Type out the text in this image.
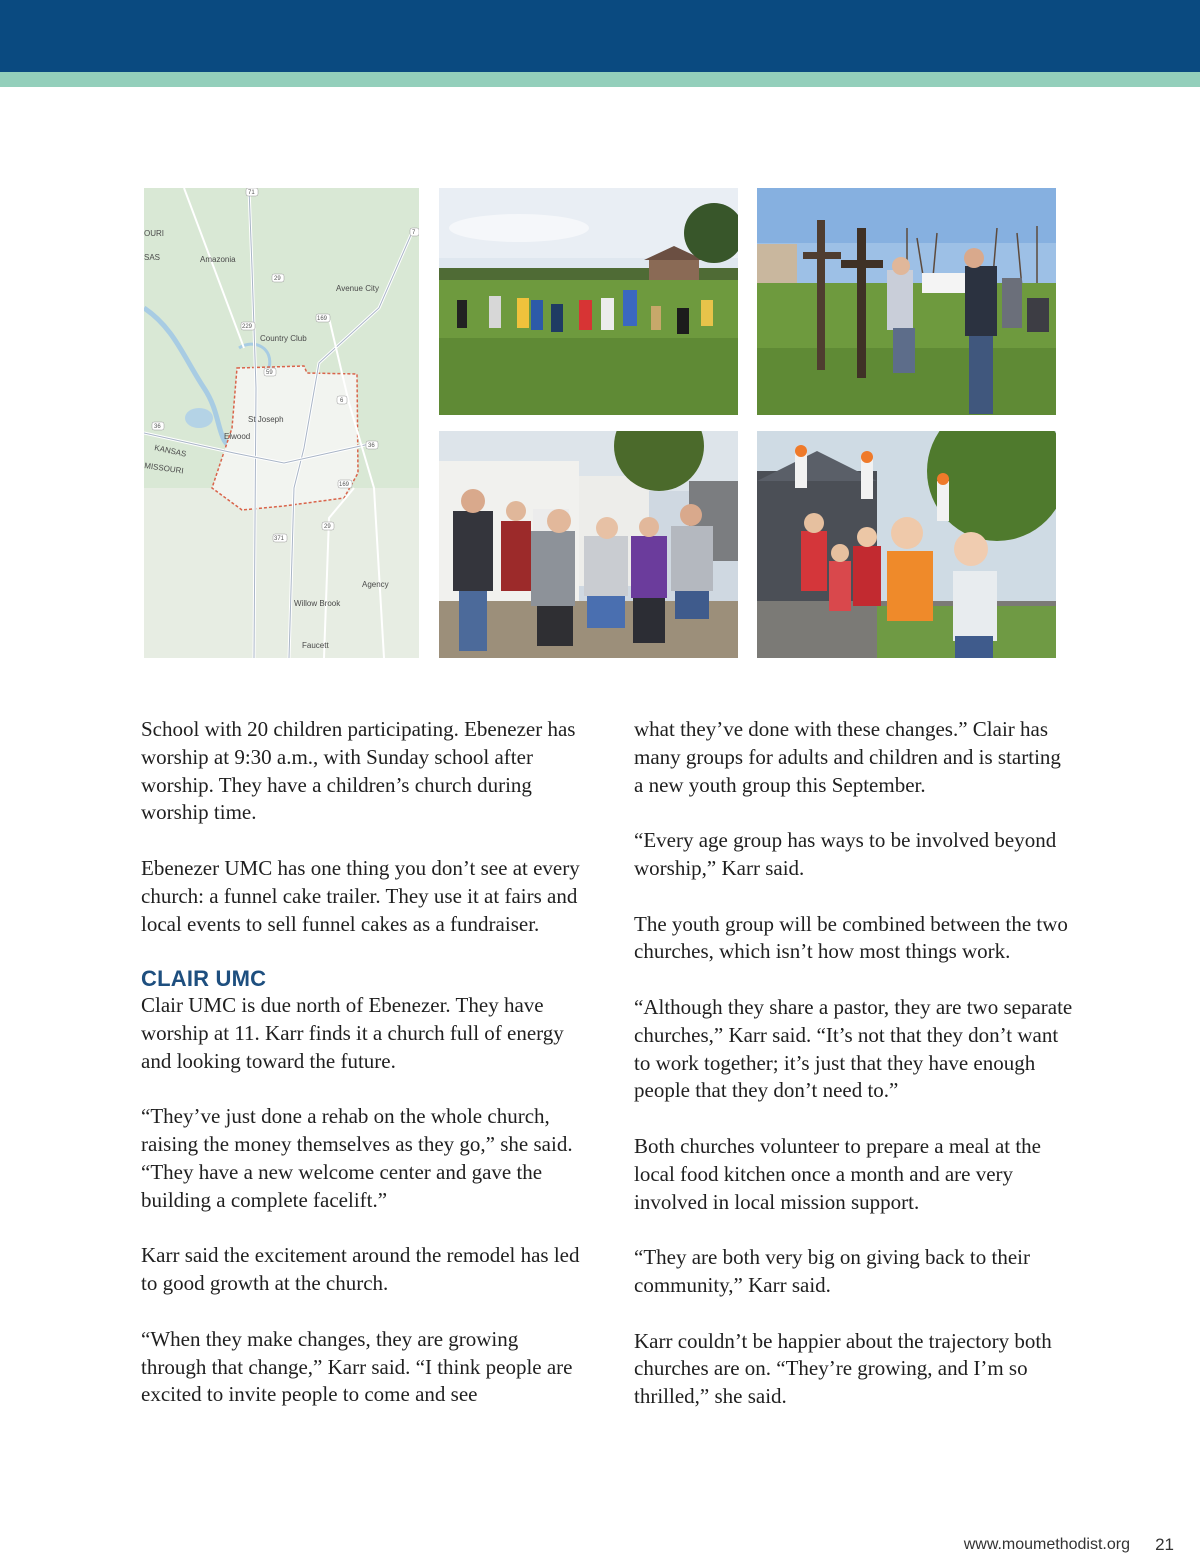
OURI
SAS	Amazonia
Avenue City
Country Club
St Joseph
Elwood
Agency
Willow Brook
Faucett
KANSAS
MISSOURI
71
29
169
229
59
6
36
36
371
169
29
7

School with 20 children participating. Ebenezer has worship at 9:30 a.m., with Sunday school after worship. They have a children’s church during worship time.

Ebenezer UMC has one thing you don’t see at every church: a funnel cake trailer. They use it at fairs and local events to sell funnel cakes as a fundraiser.

CLAIR UMC

Clair UMC is due north of Ebenezer. They have worship at 11. Karr finds it a church full of energy and looking toward the future.

“They’ve just done a rehab on the whole church, raising the money themselves as they go,” she said. “They have a new welcome center and gave the building a complete facelift.”

Karr said the excitement around the remodel has led to good growth at the church.

“When they make changes, they are growing through that change,” Karr said. “I think people are excited to invite people to come and see

what they’ve done with these changes.” Clair has many groups for adults and children and is starting a new youth group this September.

“Every age group has ways to be involved beyond worship,” Karr said.

The youth group will be combined between the two churches, which isn’t how most things work.

“Although they share a pastor, they are two separate churches,” Karr said. “It’s not that they don’t want to work together; it’s just that they have enough people that they don’t need to.”

Both churches volunteer to prepare a meal at the local food kitchen once a month and are very involved in local mission support.

“They are both very big on giving back to their community,” Karr said.

Karr couldn’t be happier about the trajectory both churches are on. “They’re growing, and I’m so thrilled,” she said.

www.moumethodist.org 21
